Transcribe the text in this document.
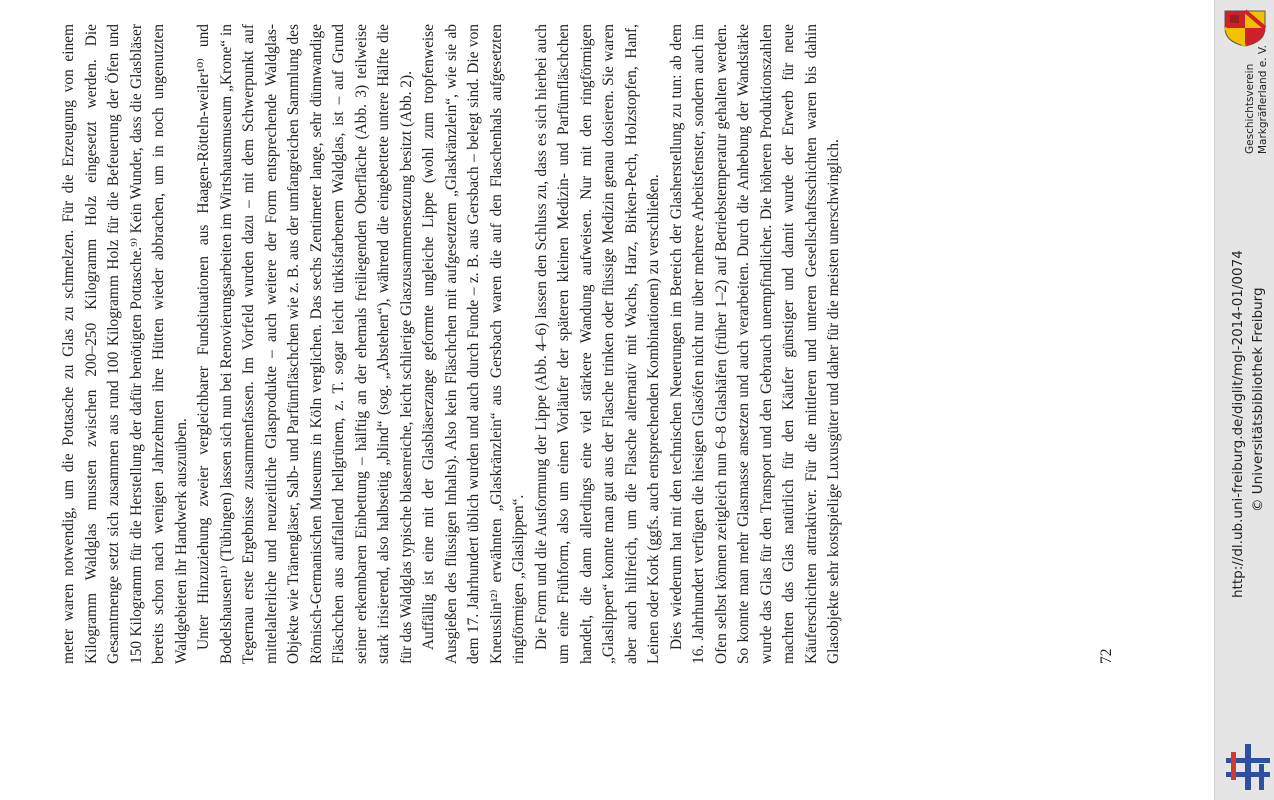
meter waren notwendig, um die Pottasche zu Glas zu schmelzen. Für die Erzeugung von einem Kilogramm Waldglas mussten zwischen 200–250 Kilogramm Holz eingesetzt werden. Die Gesamtmenge setzt sich zusammen aus rund 100 Kilogramm Holz für die Befeuerung der Öfen und 150 Kilogramm für die Herstellung der dafür benötigten Pottasche.⁹⁾ Kein Wunder, dass die Glasbläser bereits schon nach wenigen Jahrzehnten ihre Hütten wieder abbrachen, um in noch ungenutzten Waldgebieten ihr Handwerk auszuüben. Unter Hinzuziehung zweier vergleichbarer Fundsituationen aus Haagen-Rötteln-weiler¹⁰⁾ und Bodelshausen¹¹⁾ (Tübingen) lassen sich nun bei Renovierungsarbeiten im Wirtshausmuseum „Krone“ in Tegernau erste Ergebnisse zusammenfassen. Im Vorfeld wurden dazu – mit dem Schwerpunkt auf mittelalterliche und neuzeitliche Glasprodukte – auch weitere der Form entsprechende Waldglas-Objekte wie Tränengläser, Salb- und Parfümfläschchen wie z. B. aus der umfangreichen Sammlung des Römisch-Germanischen Museums in Köln verglichen. Das sechs Zentimeter lange, sehr dünnwandige Fläschchen aus auffallend hellgrünem, z. T. sogar leicht türkisfarbenem Waldglas, ist – auf Grund seiner erkennbaren Einbettung – hälftig an der ehemals freiliegenden Oberfläche (Abb. 3) teilweise stark irisierend, also halbseitig „blind“ (sog. „Abstehen“), während die eingebettete untere Hälfte die für das Waldglas typische blasenreiche, leicht schlierige Glaszusammensetzung besitzt (Abb. 2). Auffällig ist eine mit der Glasbläserzange geformte ungleiche Lippe (wohl zum tropfenweise Ausgießen des flüssigen Inhalts). Also kein Fläschchen mit aufgesetztem „Glaskränzlein“, wie sie ab dem 17. Jahrhundert üblich wurden und auch durch Funde – z. B. aus Gersbach – belegt sind. Die von Kneusslin¹²⁾ erwähnten „Glaskränzlein“ aus Gersbach waren die auf den Flaschenhals aufgesetzten ringförmigen „Glaslippen“. Die Form und die Ausformung der Lippe (Abb. 4–6) lassen den Schluss zu, dass es sich hierbei auch um eine Frühform, also um einen Vorläufer der späteren kleinen Medizin- und Parfümfläschchen handelt, die dann allerdings eine viel stärkere Wandung aufweisen. Nur mit den ringförmigen „Glaslippen“ konnte man gut aus der Flasche trinken oder flüssige Medizin genau dosieren. Sie waren aber auch hilfreich, um die Flasche alternativ mit Wachs, Harz, Birken-Pech, Holzstopfen, Hanf, Leinen oder Kork (ggfs. auch entsprechenden Kombinationen) zu verschließen. Dies wiederum hat mit den technischen Neuerungen im Bereich der Glasherstellung zu tun: ab dem 16. Jahrhundert verfügen die hiesigen Glasöfen nicht nur über mehrere Arbeitsfenster, sondern auch im Ofen selbst können zeitgleich nun 6–8 Glashäfen (früher 1–2) auf Betriebstemperatur gehalten werden. So konnte man mehr Glasmasse ansetzen und auch verarbeiten. Durch die Anhebung der Wandstärke wurde das Glas für den Transport und den Gebrauch unempfindlicher. Die höheren Produktionszahlen machten das Glas natürlich für den Käufer günstiger und damit wurde der Erwerb für neue Käuferschichten attraktiver. Für die mittleren und unteren Gesellschaftsschichten waren bis dahin Glasobjekte sehr kostspielige Luxusgüter und daher für die meisten unerschwinglich.	72
Geschichtsverein Markgräflerland e. V.
http://dl.ub.uni-freiburg.de/diglit/mgl-2014-01/0074 © Universitätsbibliothek Freiburg
